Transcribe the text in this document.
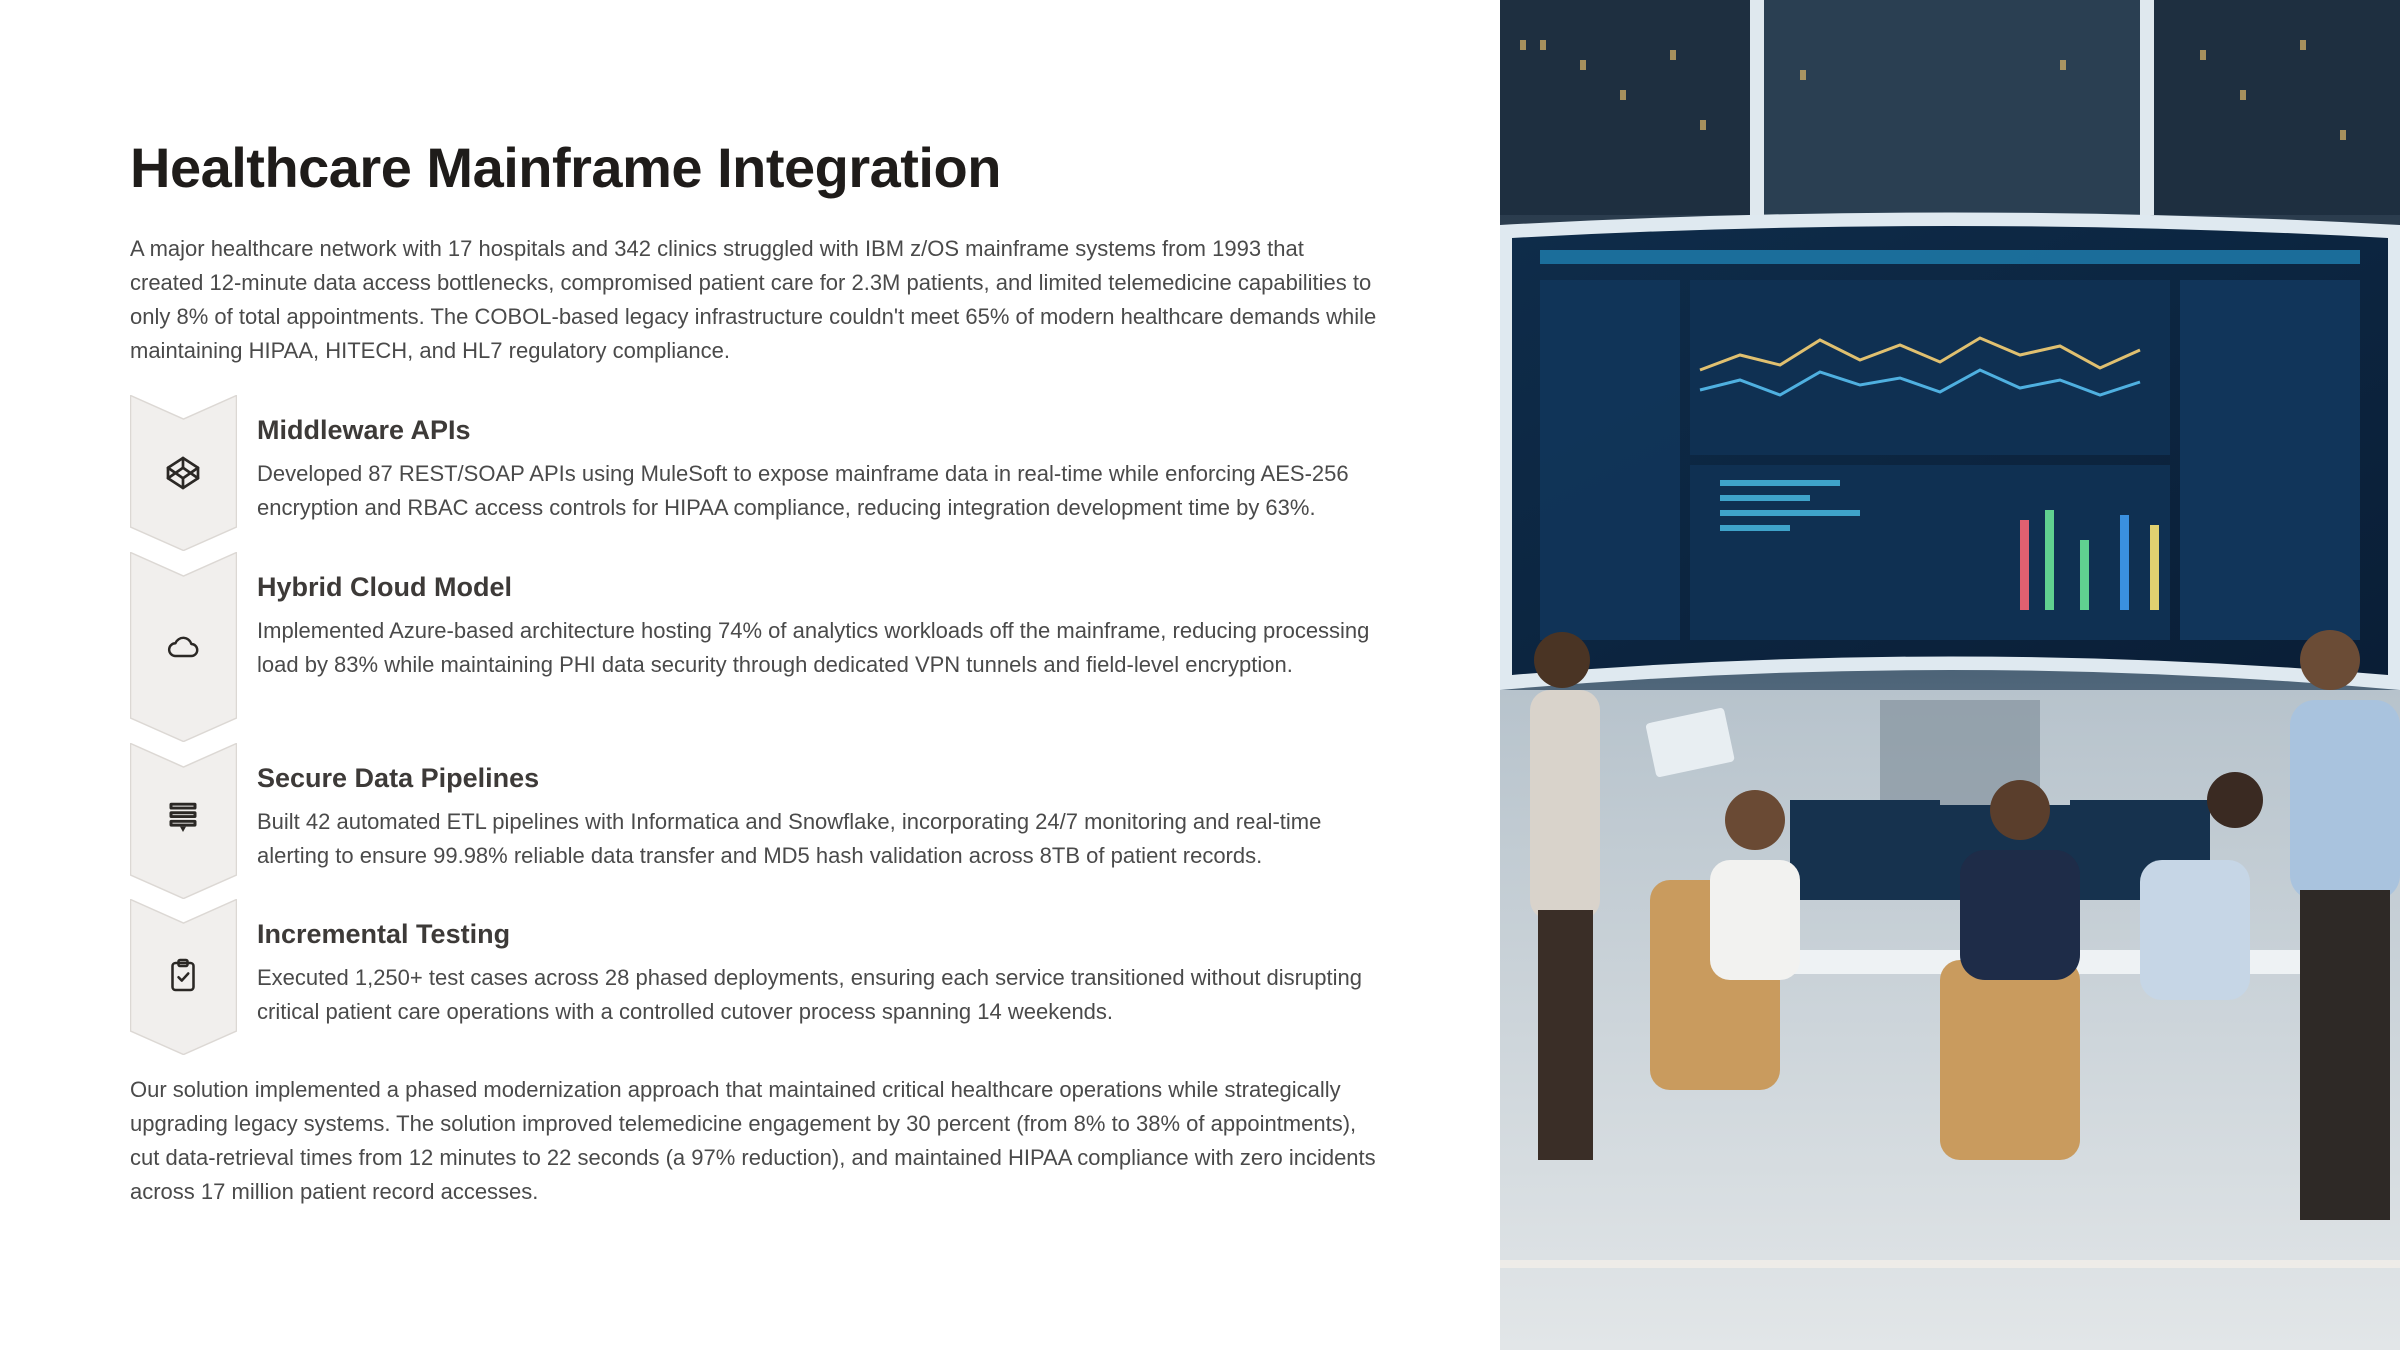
Healthcare Mainframe Integration

A major healthcare network with 17 hospitals and 342 clinics struggled with IBM z/OS mainframe systems from 1993 that created 12-minute data access bottlenecks, compromised patient care for 2.3M patients, and limited telemedicine capabilities to only 8% of total appointments. The COBOL-based legacy infrastructure couldn't meet 65% of modern healthcare demands while maintaining HIPAA, HITECH, and HL7 regulatory compliance.

Middleware APIs

Developed 87 REST/SOAP APIs using MuleSoft to expose mainframe data in real-time while enforcing AES-256 encryption and RBAC access controls for HIPAA compliance, reducing integration development time by 63%.

Hybrid Cloud Model

Implemented Azure-based architecture hosting 74% of analytics workloads off the mainframe, reducing processing load by 83% while maintaining PHI data security through dedicated VPN tunnels and field-level encryption.

Secure Data Pipelines

Built 42 automated ETL pipelines with Informatica and Snowflake, incorporating 24/7 monitoring and real-time alerting to ensure 99.98% reliable data transfer and MD5 hash validation across 8TB of patient records.

Incremental Testing

Executed 1,250+ test cases across 28 phased deployments, ensuring each service transitioned without disrupting critical patient care operations with a controlled cutover process spanning 14 weekends.

Our solution implemented a phased modernization approach that maintained critical healthcare operations while strategically upgrading legacy systems. The solution improved telemedicine engagement by 30 percent (from 8% to 38% of appointments), cut data-retrieval times from 12 minutes to 22 seconds (a 97% reduction), and maintained HIPAA compliance with zero incidents across 17 million patient record accesses.
